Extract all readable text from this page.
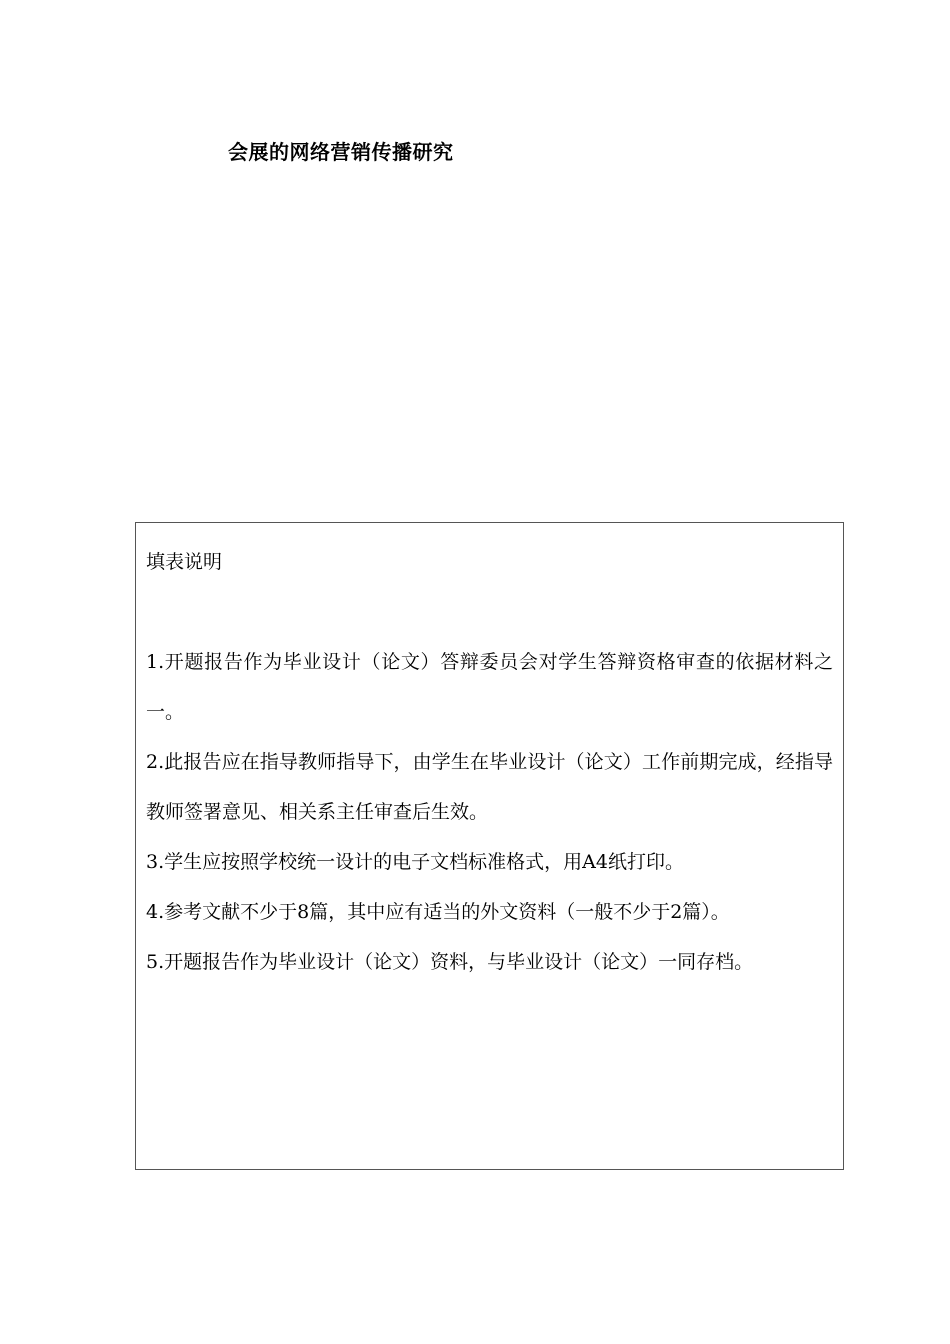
会展的网络营销传播研究
填表说明
1.开题报告作为毕业设计（论文）答辩委员会对学生答辩资格审查的依据材料之一。
2.此报告应在指导教师指导下，由学生在毕业设计（论文）工作前期完成，经指导教师签署意见、相关系主任审查后生效。
3.学生应按照学校统一设计的电子文档标准格式，用A4纸打印。
4.参考文献不少于8篇，其中应有适当的外文资料（一般不少于2篇）。
5.开题报告作为毕业设计（论文）资料，与毕业设计（论文）一同存档。
